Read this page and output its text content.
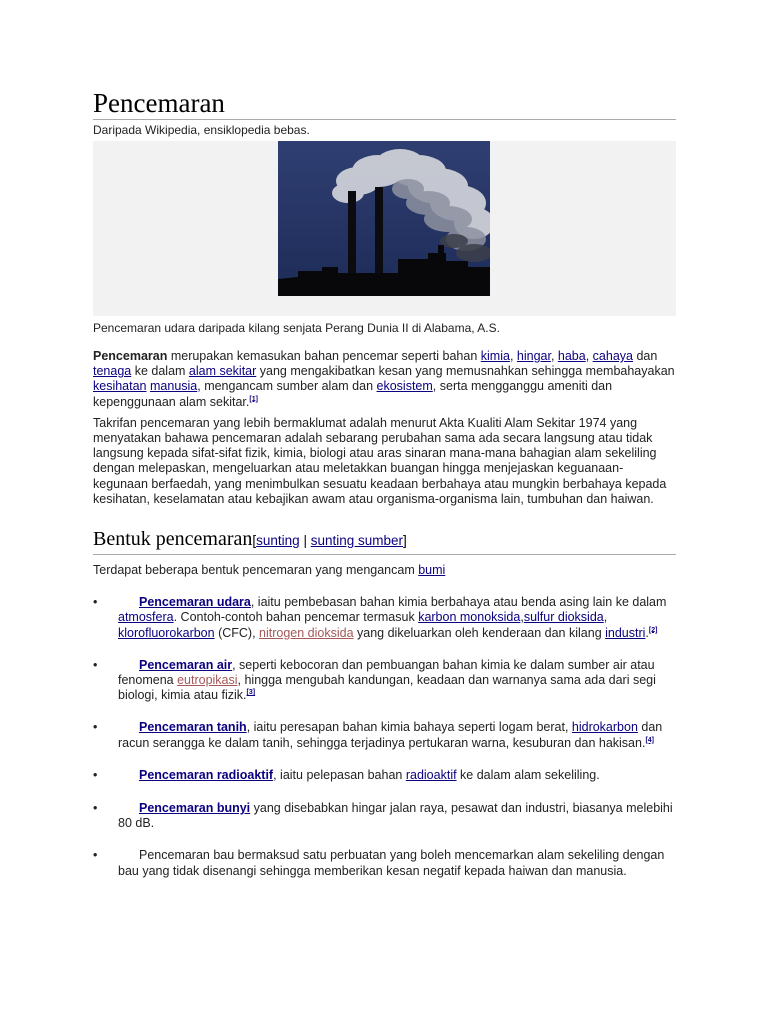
Pencemaran
Daripada Wikipedia, ensiklopedia bebas.
Pencemaran udara daripada kilang senjata Perang Dunia II di Alabama, A.S.

Pencemaran merupakan kemasukan bahan pencemar seperti bahan kimia, hingar, haba, cahaya dan tenaga ke dalam alam sekitar yang mengakibatkan kesan yang memusnahkan sehingga membahayakan kesihatan manusia, mengancam sumber alam dan ekosistem, serta mengganggu ameniti dan kepenggunaan alam sekitar.[1]

Takrifan pencemaran yang lebih bermaklumat adalah menurut Akta Kualiti Alam Sekitar 1974 yang menyatakan bahawa pencemaran adalah sebarang perubahan sama ada secara langsung atau tidak langsung kepada sifat-sifat fizik, kimia, biologi atau aras sinaran mana-mana bahagian alam sekeliling dengan melepaskan, mengeluarkan atau meletakkan buangan hingga menjejaskan keguanaan-kegunaan berfaedah, yang menimbulkan sesuatu keadaan berbahaya atau mungkin berbahaya kepada kesihatan, keselamatan atau kebajikan awam atau organisma-organisma lain, tumbuhan dan haiwan.

Bentuk pencemaran[sunting | sunting sumber]

Terdapat beberapa bentuk pencemaran yang mengancam bumi

•	Pencemaran udara, iaitu pembebasan bahan kimia berbahaya atau benda asing lain ke dalam atmosfera. Contoh-contoh bahan pencemar termasuk karbon monoksida,sulfur dioksida, klorofluorokarbon (CFC), nitrogen dioksida yang dikeluarkan oleh kenderaan dan kilang industri.[2]
•	Pencemaran air, seperti kebocoran dan pembuangan bahan kimia ke dalam sumber air atau fenomena eutropikasi, hingga mengubah kandungan, keadaan dan warnanya sama ada dari segi biologi, kimia atau fizik.[3]
•	Pencemaran tanih, iaitu peresapan bahan kimia bahaya seperti logam berat, hidrokarbon dan racun serangga ke dalam tanih, sehingga terjadinya pertukaran warna, kesuburan dan hakisan.[4]
•	Pencemaran radioaktif, iaitu pelepasan bahan radioaktif ke dalam alam sekeliling.
•	Pencemaran bunyi yang disebabkan hingar jalan raya, pesawat dan industri, biasanya melebihi 80 dB.
•	Pencemaran bau bermaksud satu perbuatan yang boleh mencemarkan alam sekeliling dengan bau yang tidak disenangi sehingga memberikan kesan negatif kepada haiwan dan manusia.
